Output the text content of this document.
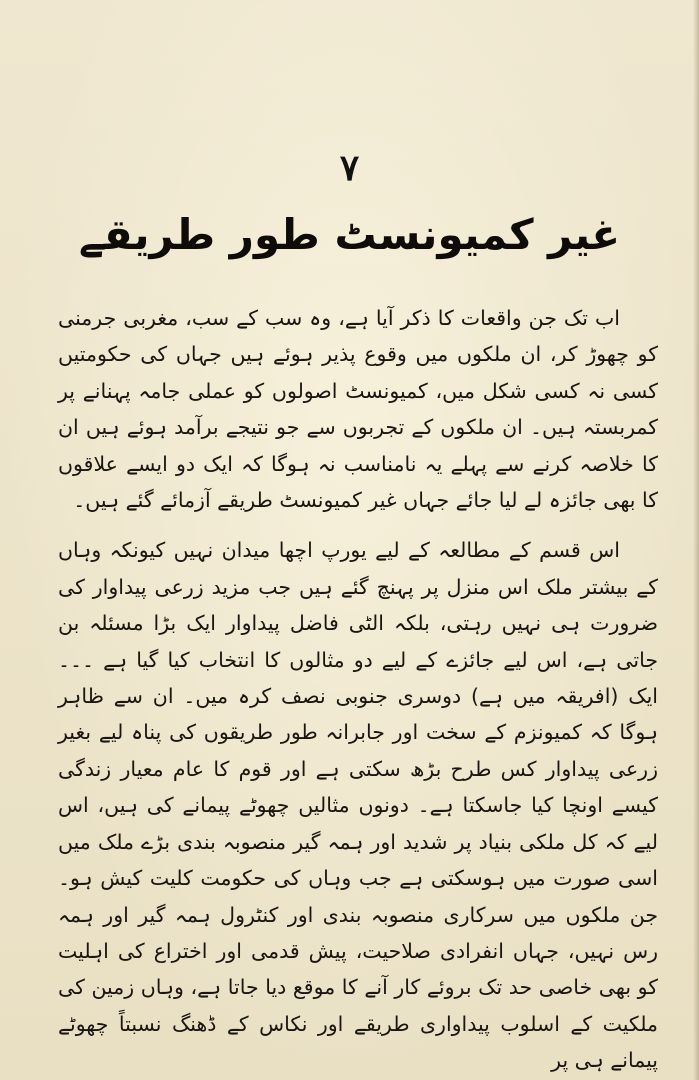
۷
غیر کمیونسٹ طور طریقے

اب تک جن واقعات کا ذکر آیا ہے، وہ سب کے سب، مغربی جرمنی کو چھوڑ کر، ان ملکوں میں وقوع پذیر ہوئے ہیں جہاں کی حکومتیں کسی نہ کسی شکل میں، کمیونسٹ اصولوں کو عملی جامہ پہنانے پر کمربستہ ہیں۔ ان ملکوں کے تجربوں سے جو نتیجے برآمد ہوئے ہیں ان کا خلاصہ کرنے سے پہلے یہ نامناسب نہ ہوگا کہ ایک دو ایسے علاقوں کا بھی جائزہ لے لیا جائے جہاں غیر کمیونسٹ طریقے آزمائے گئے ہیں۔

اس قسم کے مطالعہ کے لیے یورپ اچھا میدان نہیں کیونکہ وہاں کے بیشتر ملک اس منزل پر پہنچ گئے ہیں جب مزید زرعی پیداوار کی ضرورت ہی نہیں رہتی، بلکہ الٹی فاضل پیداوار ایک بڑا مسئلہ بن جاتی ہے، اس لیے جائزے کے لیے دو مثالوں کا انتخاب کیا گیا ہے ۔۔۔ ایک (افریقہ میں ہے) دوسری جنوبی نصف کرہ میں۔ ان سے ظاہر ہوگا کہ کمیونزم کے سخت اور جابرانہ طور طریقوں کی پناہ لیے بغیر زرعی پیداوار کس طرح بڑھ سکتی ہے اور قوم کا عام معیار زندگی کیسے اونچا کیا جاسکتا ہے۔ دونوں مثالیں چھوٹے پیمانے کی ہیں، اس لیے کہ کل ملکی بنیاد پر شدید اور ہمہ گیر منصوبہ بندی بڑے ملک میں اسی صورت میں ہوسکتی ہے جب وہاں کی حکومت کلیت کیش ہو۔ جن ملکوں میں سرکاری منصوبہ بندی اور کنٹرول ہمہ گیر اور ہمہ رس نہیں، جہاں انفرادی صلاحیت، پیش قدمی اور اختراع کی اہلیت کو بھی خاصی حد تک بروئے کار آنے کا موقع دیا جاتا ہے، وہاں زمین کی ملکیت کے اسلوب پیداواری طریقے اور نکاس کے ڈھنگ نسبتاً چھوٹے پیمانے ہی پر
